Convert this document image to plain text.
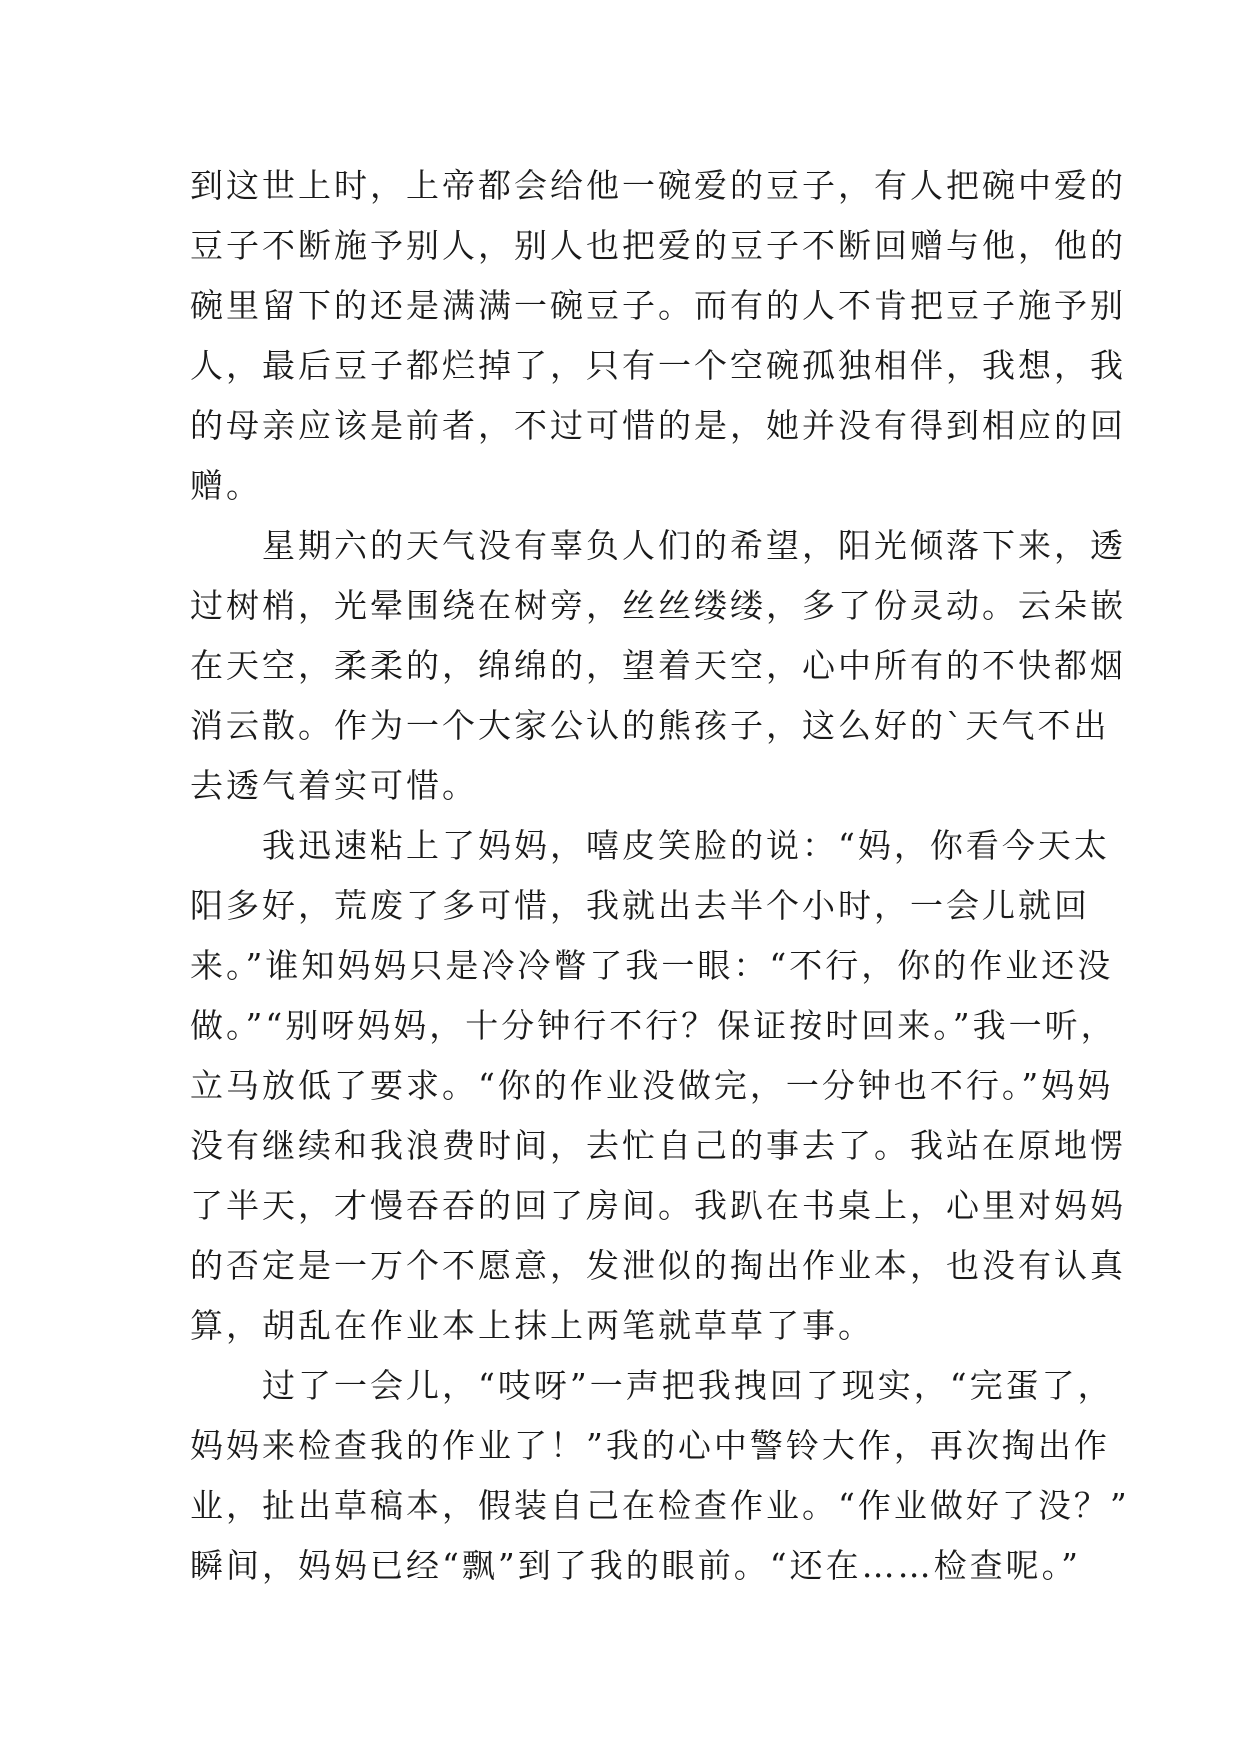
到这世上时，上帝都会给他一碗爱的豆子，有人把碗中爱的
豆子不断施予别人，别人也把爱的豆子不断回赠与他，他的
碗里留下的还是满满一碗豆子。而有的人不肯把豆子施予别
人，最后豆子都烂掉了，只有一个空碗孤独相伴，我想，我
的母亲应该是前者，不过可惜的是，她并没有得到相应的回
赠。

星期六的天气没有辜负人们的希望，阳光倾落下来，透
过树梢，光晕围绕在树旁，丝丝缕缕，多了份灵动。云朵嵌
在天空，柔柔的，绵绵的，望着天空，心中所有的不快都烟
消云散。作为一个大家公认的熊孩子，这么好的`天气不出
去透气着实可惜。

我迅速粘上了妈妈，嘻皮笑脸的说：“妈，你看今天太
阳多好，荒废了多可惜，我就出去半个小时，一会儿就回
来。”谁知妈妈只是冷冷瞥了我一眼：“不行，你的作业还没
做。”“别呀妈妈，十分钟行不行？保证按时回来。”我一听，
立马放低了要求。“你的作业没做完，一分钟也不行。”妈妈
没有继续和我浪费时间，去忙自己的事去了。我站在原地愣
了半天，才慢吞吞的回了房间。我趴在书桌上，心里对妈妈
的否定是一万个不愿意，发泄似的掏出作业本，也没有认真
算，胡乱在作业本上抹上两笔就草草了事。

过了一会儿，“吱呀”一声把我拽回了现实，“完蛋了，
妈妈来检查我的作业了！”我的心中警铃大作，再次掏出作
业，扯出草稿本，假装自己在检查作业。“作业做好了没？”
瞬间，妈妈已经“飘”到了我的眼前。“还在……检查呢。”
